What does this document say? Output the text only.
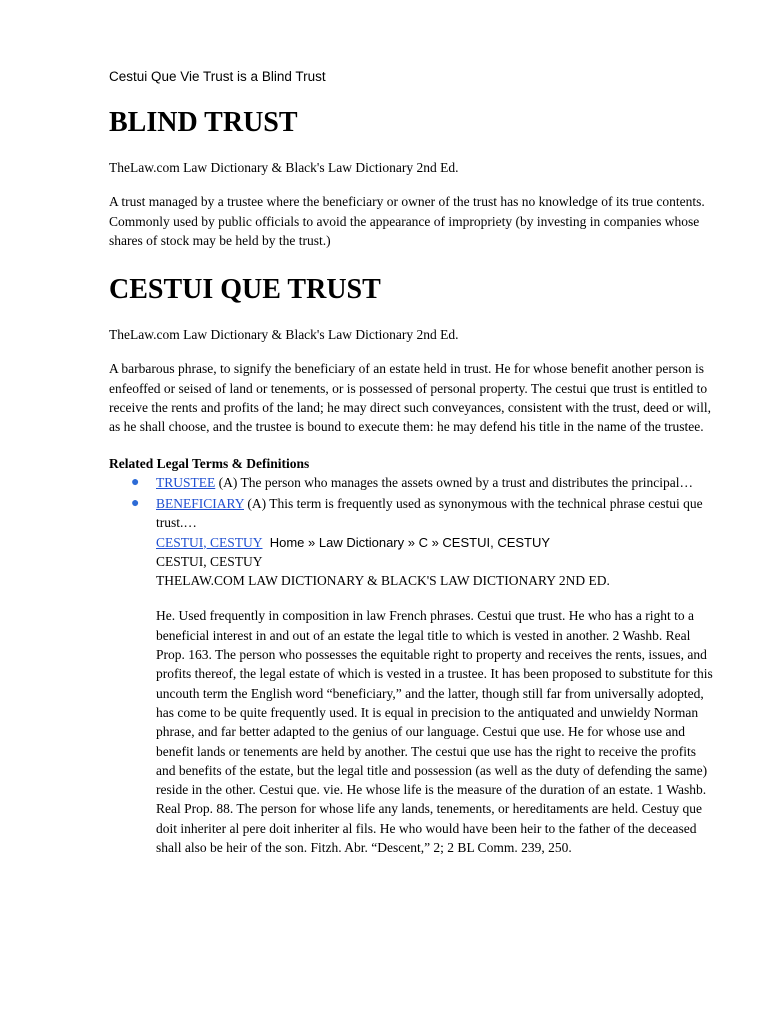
Cestui Que Vie Trust is a Blind Trust
BLIND TRUST

TheLaw.com Law Dictionary & Black's Law Dictionary 2nd Ed.

A trust managed by a trustee where the beneficiary or owner of the trust has no knowledge of its true contents. Commonly used by public officials to avoid the appearance of impropriety (by investing in companies whose shares of stock may be held by the trust.)

CESTUI QUE TRUST

TheLaw.com Law Dictionary & Black's Law Dictionary 2nd Ed.

A barbarous phrase, to signify the beneficiary of an estate held in trust. He for whose benefit another person is enfeoffed or seised of land or tenements, or is possessed of personal property. The cestui que trust is entitled to receive the rents and profits of the land; he may direct such conveyances, consistent with the trust, deed or will, as he shall choose, and the trustee is bound to execute them: he may defend his title in the name of the trustee.

Related Legal Terms & Definitions
● TRUSTEE (A) The person who manages the assets owned by a trust and distributes the principal…
● BENEFICIARY (A) This term is frequently used as synonymous with the technical phrase cestui que trust.…
CESTUI, CESTUY  Home » Law Dictionary » C » CESTUI, CESTUY
CESTUI, CESTUY
THELAW.COM LAW DICTIONARY & BLACK'S LAW DICTIONARY 2ND ED.
He. Used frequently in composition in law French phrases. Cestui que trust. He who has a right to a beneficial interest in and out of an estate the legal title to which is vested in another. 2 Washb. Real Prop. 163. The person who possesses the equitable right to property and receives the rents, issues, and profits thereof, the legal estate of which is vested in a trustee. It has been proposed to substitute for this uncouth term the English word “beneficiary,” and the latter, though still far from universally adopted, has come to be quite frequently used. It is equal in precision to the antiquated and unwieldy Norman phrase, and far better adapted to the genius of our language. Cestui que use. He for whose use and benefit lands or tenements are held by another. The cestui que use has the right to receive the profits and benefits of the estate, but the legal title and possession (as well as the duty of defending the same) reside in the other. Cestui que. vie. He whose life is the measure of the duration of an estate. 1 Washb. Real Prop. 88. The person for whose life any lands, tenements, or hereditaments are held. Cestuy que doit inheriter al pere doit inheriter al fils. He who would have been heir to the father of the deceased shall also be heir of the son. Fitzh. Abr. “Descent,” 2; 2 BL Comm. 239, 250.
